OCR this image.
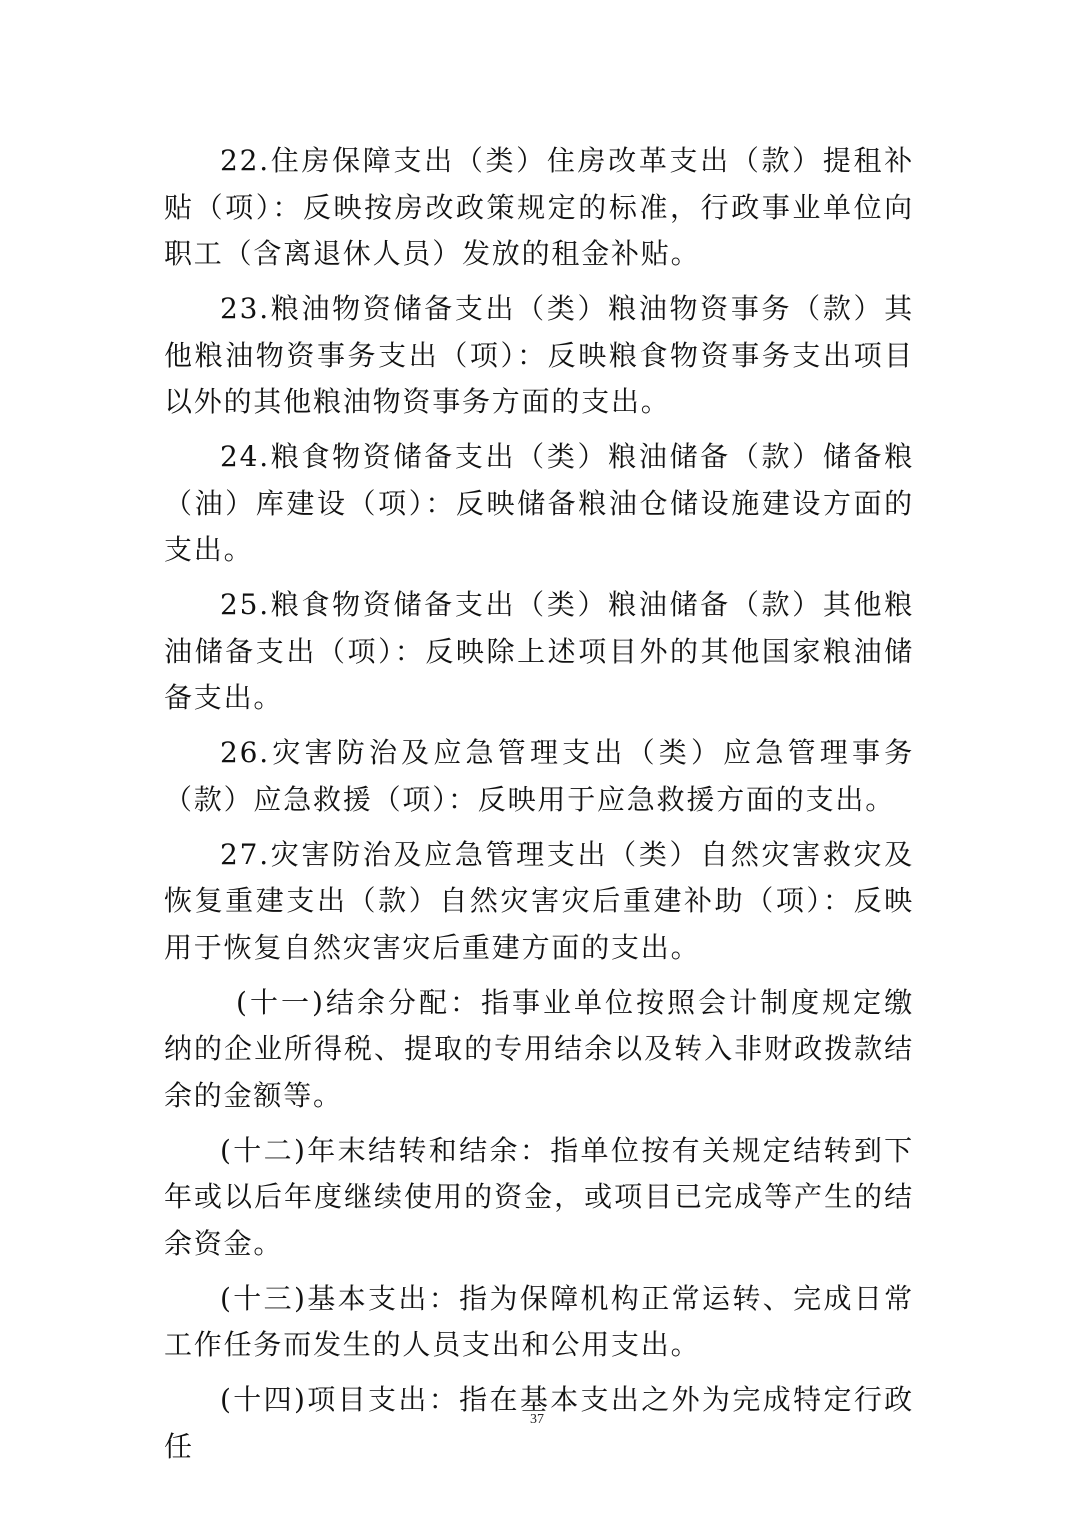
22.住房保障支出（类）住房改革支出（款）提租补贴（项）：反映按房改政策规定的标准，行政事业单位向职工（含离退休人员）发放的租金补贴。

23.粮油物资储备支出（类）粮油物资事务（款）其他粮油物资事务支出（项）：反映粮食物资事务支出项目以外的其他粮油物资事务方面的支出。

24.粮食物资储备支出（类）粮油储备（款）储备粮（油）库建设（项）：反映储备粮油仓储设施建设方面的支出。

25.粮食物资储备支出（类）粮油储备（款）其他粮油储备支出（项）：反映除上述项目外的其他国家粮油储备支出。

26.灾害防治及应急管理支出（类）应急管理事务（款）应急救援（项）：反映用于应急救援方面的支出。

27.灾害防治及应急管理支出（类）自然灾害救灾及恢复重建支出（款）自然灾害灾后重建补助（项）：反映用于恢复自然灾害灾后重建方面的支出。

(十一)结余分配：指事业单位按照会计制度规定缴纳的企业所得税、提取的专用结余以及转入非财政拨款结余的金额等。

(十二)年末结转和结余：指单位按有关规定结转到下年或以后年度继续使用的资金，或项目已完成等产生的结余资金。

(十三)基本支出：指为保障机构正常运转、完成日常工作任务而发生的人员支出和公用支出。

(十四)项目支出：指在基本支出之外为完成特定行政任

37
